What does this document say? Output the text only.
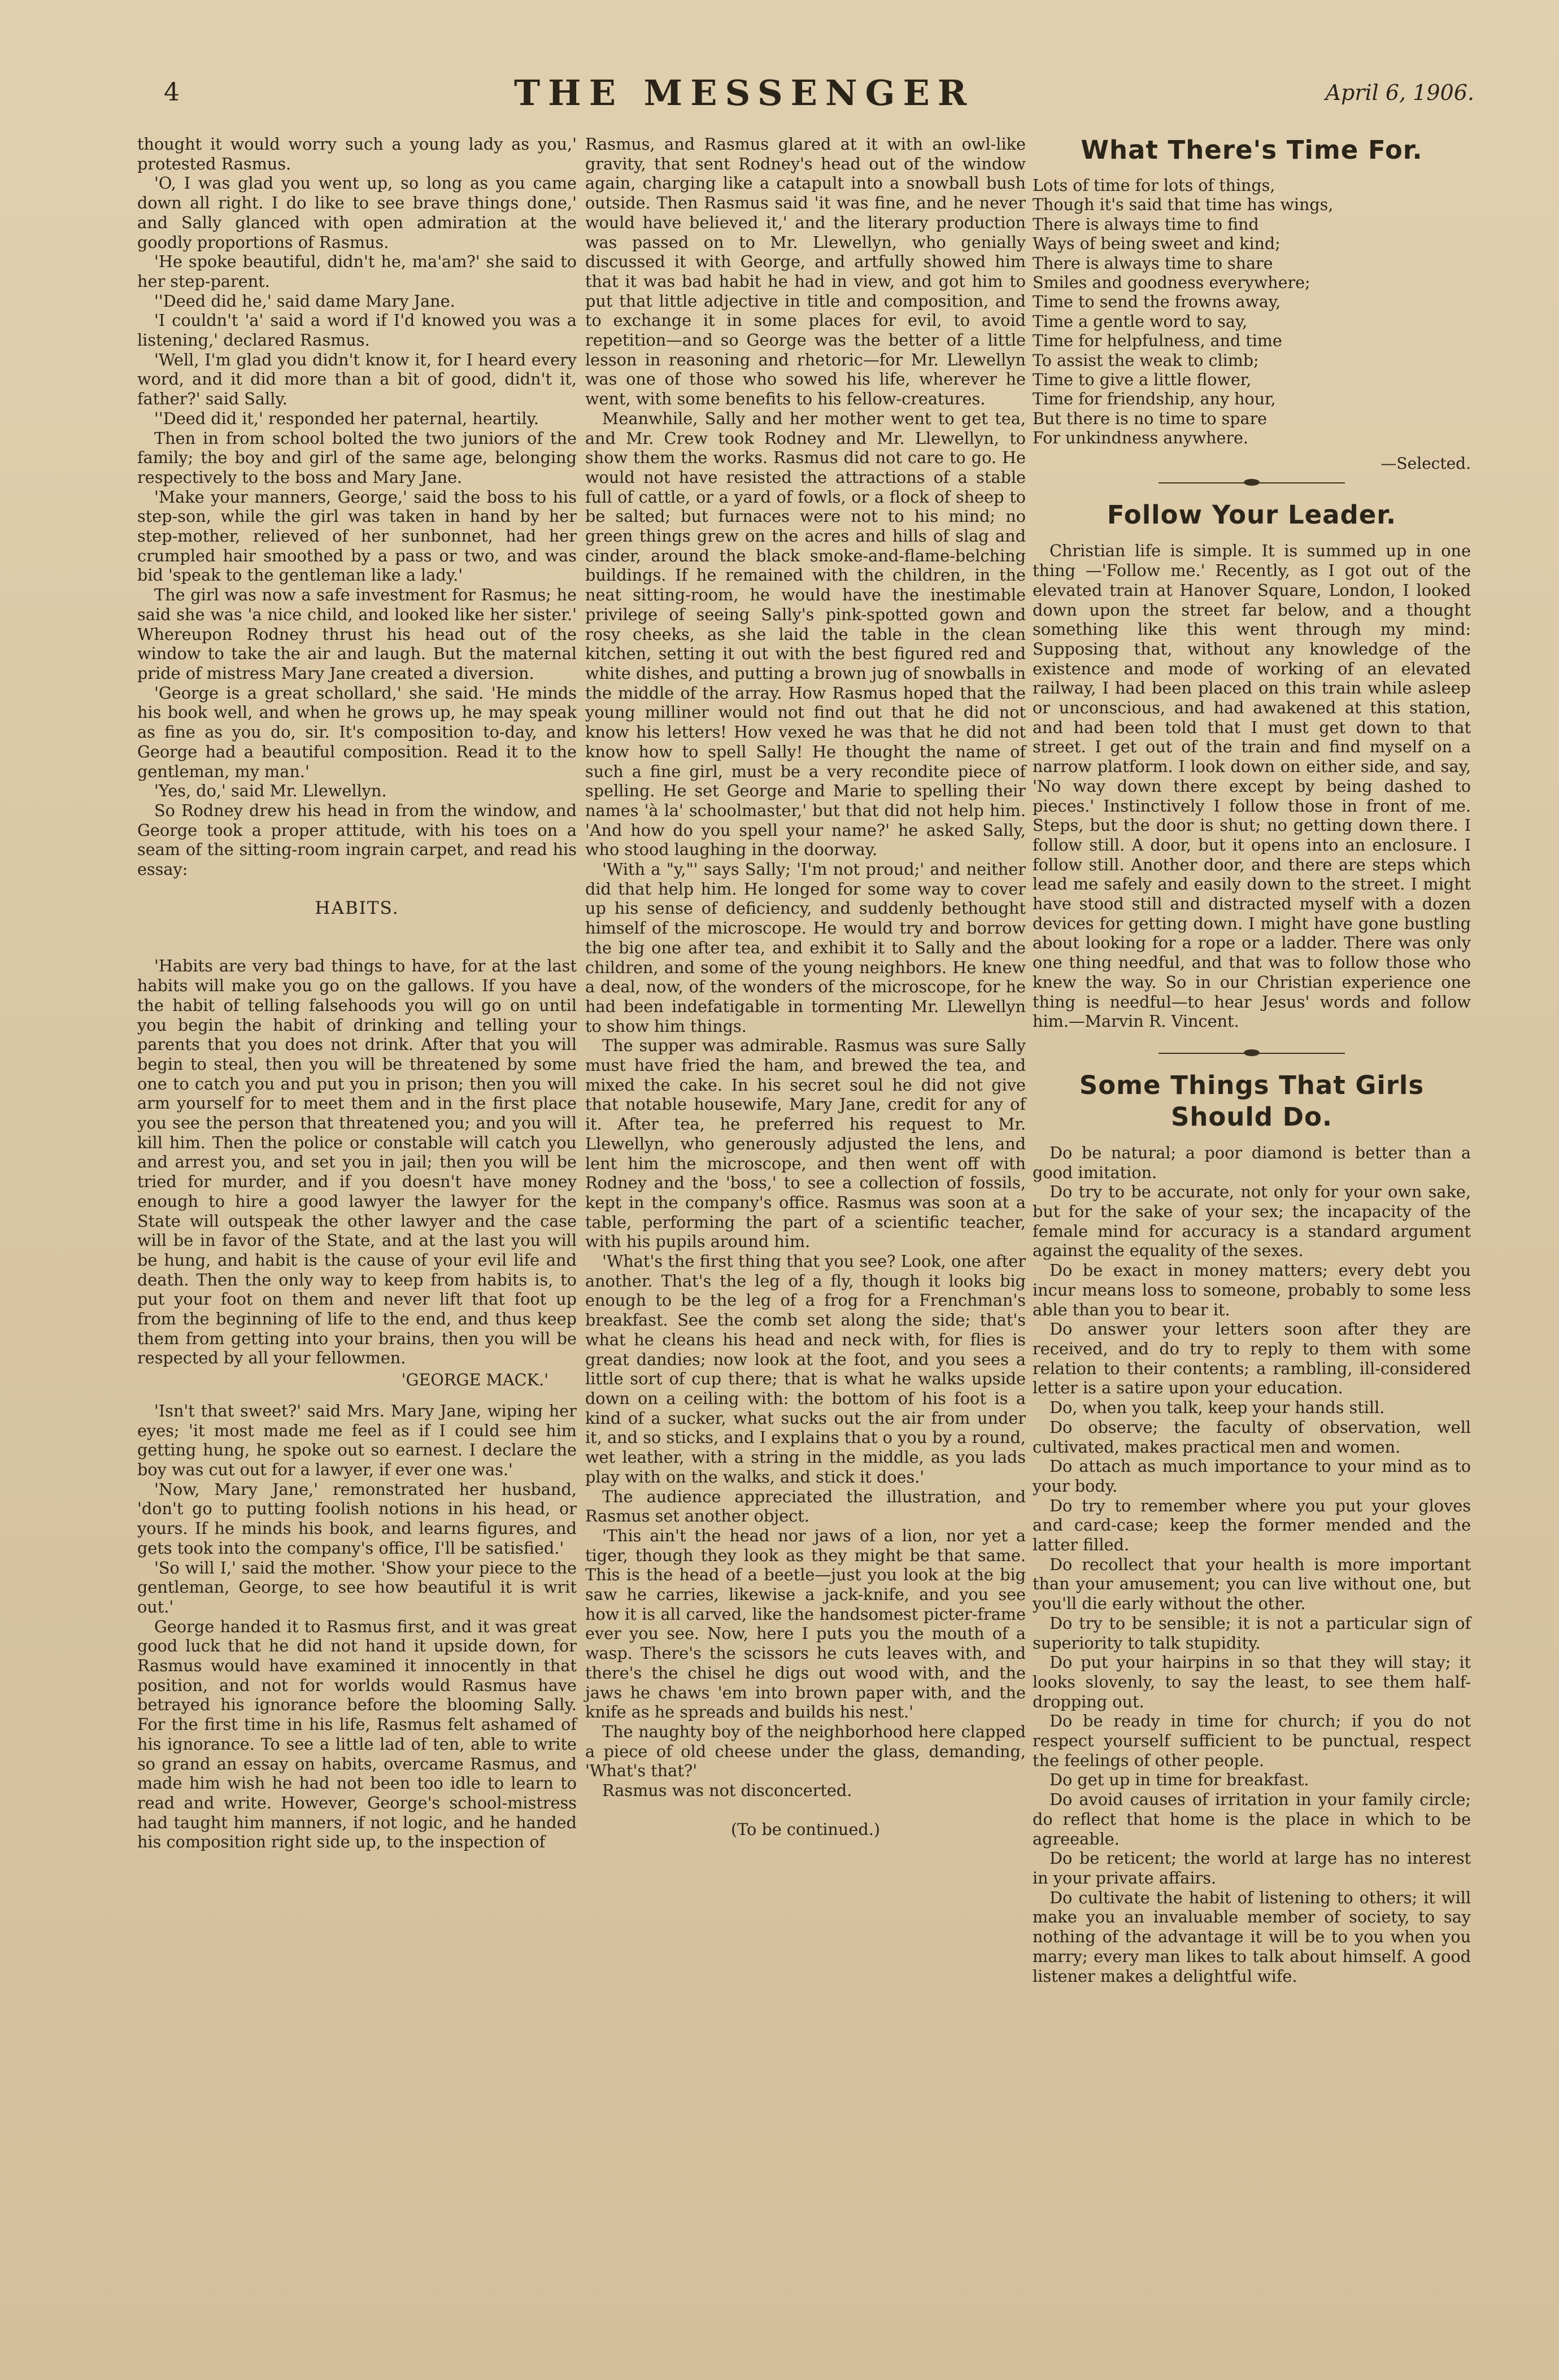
4	THE MESSENGER	April 6, 1906.

thought it would worry such a young lady as you,' protested Rasmus.

'O, I was glad you went up, so long as you came down all right. I do like to see brave things done,' and Sally glanced with open admiration at the goodly proportions of Rasmus.

'He spoke beautiful, didn't he, ma'am?' she said to her step-parent.

''Deed did he,' said dame Mary Jane.

'I couldn't 'a' said a word if I'd knowed you was a listening,' declared Rasmus.

'Well, I'm glad you didn't know it, for I heard every word, and it did more than a bit of good, didn't it, father?' said Sally.

''Deed did it,' responded her paternal, heartily.

Then in from school bolted the two juniors of the family; the boy and girl of the same age, belonging respectively to the boss and Mary Jane.

'Make your manners, George,' said the boss to his step-son, while the girl was taken in hand by her step-mother, relieved of her sunbonnet, had her crumpled hair smoothed by a pass or two, and was bid 'speak to the gentleman like a lady.'

The girl was now a safe investment for Rasmus; he said she was 'a nice child, and looked like her sister.' Whereupon Rodney thrust his head out of the window to take the air and laugh. But the maternal pride of mistress Mary Jane created a diversion.

'George is a great schollard,' she said. 'He minds his book well, and when he grows up, he may speak as fine as you do, sir. It's composition to-day, and George had a beautiful composition. Read it to the gentleman, my man.'

'Yes, do,' said Mr. Llewellyn.

So Rodney drew his head in from the window, and George took a proper attitude, with his toes on a seam of the sitting-room ingrain carpet, and read his essay:

HABITS.

'Habits are very bad things to have, for at the last habits will make you go on the gallows. If you have the habit of telling falsehoods you will go on until you begin the habit of drinking and telling your parents that you does not drink. After that you will begin to steal, then you will be threatened by some one to catch you and put you in prison; then you will arm yourself for to meet them and in the first place you see the person that threatened you; and you will kill him. Then the police or constable will catch you and arrest you, and set you in jail; then you will be tried for murder, and if you doesn't have money enough to hire a good lawyer the lawyer for the State will outspeak the other lawyer and the case will be in favor of the State, and at the last you will be hung, and habit is the cause of your evil life and death. Then the only way to keep from habits is, to put your foot on them and never lift that foot up from the beginning of life to the end, and thus keep them from getting into your brains, then you will be respected by all your fellowmen.

'GEORGE MACK.'

'Isn't that sweet?' said Mrs. Mary Jane, wiping her eyes; 'it most made me feel as if I could see him getting hung, he spoke out so earnest. I declare the boy was cut out for a lawyer, if ever one was.'

'Now, Mary Jane,' remonstrated her husband, 'don't go to putting foolish notions in his head, or yours. If he minds his book, and learns figures, and gets took into the company's office, I'll be satisfied.'

'So will I,' said the mother. 'Show your piece to the gentleman, George, to see how beautiful it is writ out.'

George handed it to Rasmus first, and it was great good luck that he did not hand it upside down, for Rasmus would have examined it innocently in that position, and not for worlds would Rasmus have betrayed his ignorance before the blooming Sally. For the first time in his life, Rasmus felt ashamed of his ignorance. To see a little lad of ten, able to write so grand an essay on habits, overcame Rasmus, and made him wish he had not been too idle to learn to read and write. However, George's school-mistress had taught him manners, if not logic, and he handed his composition right side up, to the inspection of

Rasmus, and Rasmus glared at it with an owl-like gravity, that sent Rodney's head out of the window again, charging like a catapult into a snowball bush outside. Then Rasmus said 'it was fine, and he never would have believed it,' and the literary production was passed on to Mr. Llewellyn, who genially discussed it with George, and artfully showed him that it was bad habit he had in view, and got him to put that little adjective in title and composition, and to exchange it in some places for evil, to avoid repetition—and so George was the better of a little lesson in reasoning and rhetoric—for Mr. Llewellyn was one of those who sowed his life, wherever he went, with some benefits to his fellow-creatures.

Meanwhile, Sally and her mother went to get tea, and Mr. Crew took Rodney and Mr. Llewellyn, to show them the works. Rasmus did not care to go. He would not have resisted the attractions of a stable full of cattle, or a yard of fowls, or a flock of sheep to be salted; but furnaces were not to his mind; no green things grew on the acres and hills of slag and cinder, around the black smoke-and-flame-belching buildings. If he remained with the children, in the neat sitting-room, he would have the inestimable privilege of seeing Sally's pink-spotted gown and rosy cheeks, as she laid the table in the clean kitchen, setting it out with the best figured red and white dishes, and putting a brown jug of snowballs in the middle of the array. How Rasmus hoped that the young milliner would not find out that he did not know his letters! How vexed he was that he did not know how to spell Sally! He thought the name of such a fine girl, must be a very recondite piece of spelling. He set George and Marie to spelling their names 'à la' schoolmaster,' but that did not help him. 'And how do you spell your name?' he asked Sally, who stood laughing in the doorway.

'With a "y,"' says Sally; 'I'm not proud;' and neither did that help him. He longed for some way to cover up his sense of deficiency, and suddenly bethought himself of the microscope. He would try and borrow the big one after tea, and exhibit it to Sally and the children, and some of the young neighbors. He knew a deal, now, of the wonders of the microscope, for he had been indefatigable in tormenting Mr. Llewellyn to show him things.

The supper was admirable. Rasmus was sure Sally must have fried the ham, and brewed the tea, and mixed the cake. In his secret soul he did not give that notable housewife, Mary Jane, credit for any of it. After tea, he preferred his request to Mr. Llewellyn, who generously adjusted the lens, and lent him the microscope, and then went off with Rodney and the 'boss,' to see a collection of fossils, kept in the company's office. Rasmus was soon at a table, performing the part of a scientific teacher, with his pupils around him.

'What's the first thing that you see? Look, one after another. That's the leg of a fly, though it looks big enough to be the leg of a frog for a Frenchman's breakfast. See the comb set along the side; that's what he cleans his head and neck with, for flies is great dandies; now look at the foot, and you sees a little sort of cup there; that is what he walks upside down on a ceiling with: the bottom of his foot is a kind of a sucker, what sucks out the air from under it, and so sticks, and I explains that o you by a round, wet leather, with a string in the middle, as you lads play with on the walks, and stick it does.'

The audience appreciated the illustration, and Rasmus set another object.

'This ain't the head nor jaws of a lion, nor yet a tiger, though they look as they might be that same. This is the head of a beetle—just you look at the big saw he carries, likewise a jack-knife, and you see how it is all carved, like the handsomest picter-frame ever you see. Now, here I puts you the mouth of a wasp. There's the scissors he cuts leaves with, and there's the chisel he digs out wood with, and the jaws he chaws 'em into brown paper with, and the knife as he spreads and builds his nest.'

The naughty boy of the neighborhood here clapped a piece of old cheese under the glass, demanding, 'What's that?'

Rasmus was not disconcerted.

(To be continued.)
What There's Time For.
Lots of time for lots of things,
Though it's said that time has wings,
There is always time to find
Ways of being sweet and kind;
There is always time to share
Smiles and goodness everywhere;
Time to send the frowns away,
Time a gentle word to say,
Time for helpfulness, and time
To assist the weak to climb;
Time to give a little flower,
Time for friendship, any hour,
But there is no time to spare
For unkindness anywhere.
—Selected.
Follow Your Leader.

Christian life is simple. It is summed up in one thing —'Follow me.' Recently, as I got out of the elevated train at Hanover Square, London, I looked down upon the street far below, and a thought something like this went through my mind: Supposing that, without any knowledge of the existence and mode of working of an elevated railway, I had been placed on this train while asleep or unconscious, and had awakened at this station, and had been told that I must get down to that street. I get out of the train and find myself on a narrow platform. I look down on either side, and say, 'No way down there except by being dashed to pieces.' Instinctively I follow those in front of me. Steps, but the door is shut; no getting down there. I follow still. A door, but it opens into an enclosure. I follow still. Another door, and there are steps which lead me safely and easily down to the street. I might have stood still and distracted myself with a dozen devices for getting down. I might have gone bustling about looking for a rope or a ladder. There was only one thing needful, and that was to follow those who knew the way. So in our Christian experience one thing is needful—to hear Jesus' words and follow him.—Marvin R. Vincent.

Some Things That Girls
Should Do.

Do be natural; a poor diamond is better than a good imitation.

Do try to be accurate, not only for your own sake, but for the sake of your sex; the incapacity of the female mind for accuracy is a standard argument against the equality of the sexes.

Do be exact in money matters; every debt you incur means loss to someone, probably to some less able than you to bear it.

Do answer your letters soon after they are received, and do try to reply to them with some relation to their contents; a rambling, ill-considered letter is a satire upon your education.

Do, when you talk, keep your hands still.

Do observe; the faculty of observation, well cultivated, makes practical men and women.

Do attach as much importance to your mind as to your body.

Do try to remember where you put your gloves and card-case; keep the former mended and the latter filled.

Do recollect that your health is more important than your amusement; you can live without one, but you'll die early without the other.

Do try to be sensible; it is not a particular sign of superiority to talk stupidity.

Do put your hairpins in so that they will stay; it looks slovenly, to say the least, to see them half-dropping out.

Do be ready in time for church; if you do not respect yourself sufficient to be punctual, respect the feelings of other people.

Do get up in time for breakfast.

Do avoid causes of irritation in your family circle; do reflect that home is the place in which to be agreeable.

Do be reticent; the world at large has no interest in your private affairs.

Do cultivate the habit of listening to others; it will make you an invaluable member of society, to say nothing of the advantage it will be to you when you marry; every man likes to talk about himself. A good listener makes a delightful wife.
